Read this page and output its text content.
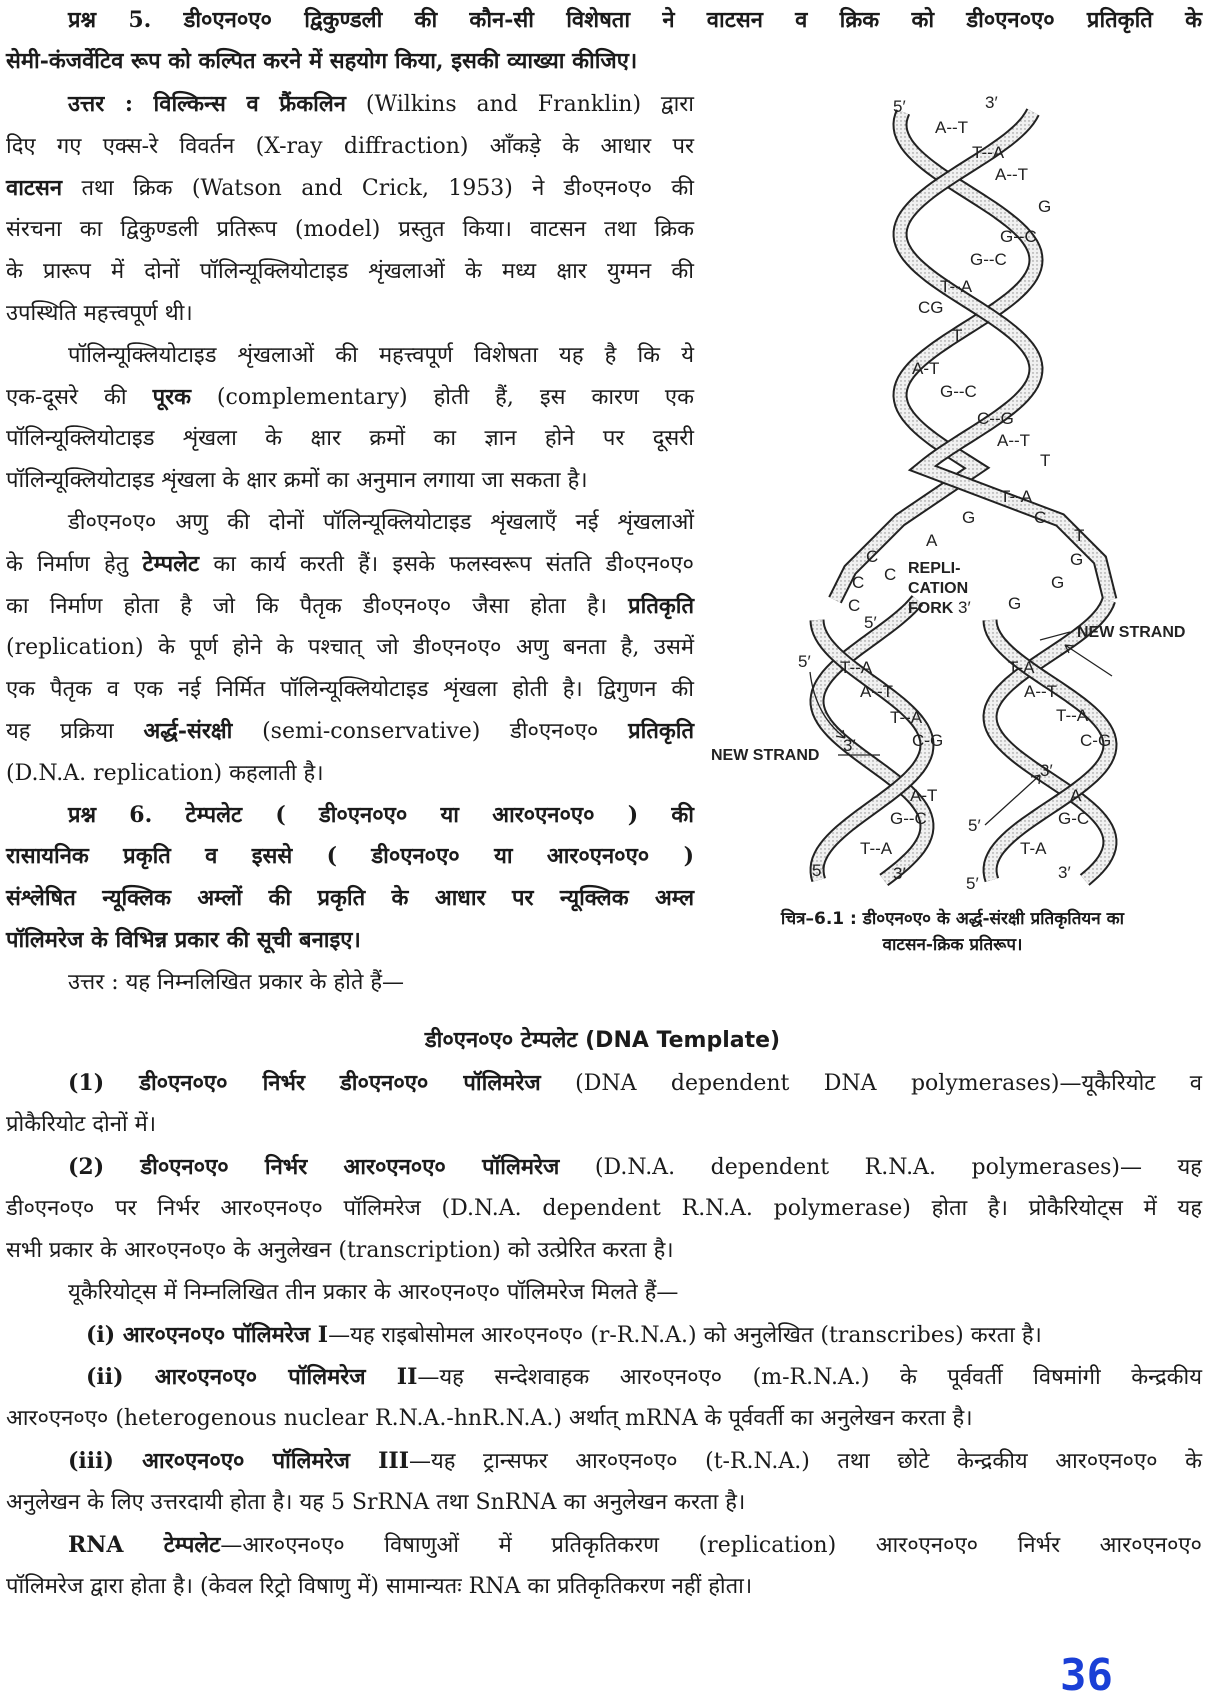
प्रश्न 5. डी०एन०ए० द्विकुण्डली की कौन-सी विशेषता ने वाटसन व क्रिक को डी०एन०ए० प्रतिकृति के
सेमी-कंजर्वेटिव रूप को कल्पित करने में सहयोग किया, इसकी व्याख्या कीजिए।
उत्तर : विल्किन्स व फ्रैंकलिन (Wilkins and Franklin) द्वारा
दिए गए एक्स-रे विवर्तन (X-ray diffraction) आँकड़े के आधार पर
वाटसन तथा क्रिक (Watson and Crick, 1953) ने डी०एन०ए० की
संरचना का द्विकुण्डली प्रतिरूप (model) प्रस्तुत किया। वाटसन तथा क्रिक
के प्रारूप में दोनों पॉलिन्यूक्लियोटाइड शृंखलाओं के मध्य क्षार युग्मन की
उपस्थिति महत्त्वपूर्ण थी।
पॉलिन्यूक्लियोटाइड शृंखलाओं की महत्त्वपूर्ण विशेषता यह है कि ये
एक-दूसरे की पूरक (complementary) होती हैं, इस कारण एक
पॉलिन्यूक्लियोटाइड शृंखला के क्षार क्रमों का ज्ञान होने पर दूसरी
पॉलिन्यूक्लियोटाइड शृंखला के क्षार क्रमों का अनुमान लगाया जा सकता है।
डी०एन०ए० अणु की दोनों पॉलिन्यूक्लियोटाइड शृंखलाएँ नई शृंखलाओं
के निर्माण हेतु टेम्पलेट का कार्य करती हैं। इसके फलस्वरूप संतति डी०एन०ए०
का निर्माण होता है जो कि पैतृक डी०एन०ए० जैसा होता है। प्रतिकृति
(replication) के पूर्ण होने के पश्चात् जो डी०एन०ए० अणु बनता है, उसमें
एक पैतृक व एक नई निर्मित पॉलिन्यूक्लियोटाइड शृंखला होती है। द्विगुणन की
यह प्रक्रिया अर्द्ध-संरक्षी (semi-conservative) डी०एन०ए० प्रतिकृति
(D.N.A. replication) कहलाती है।
प्रश्न 6. टेम्पलेट ( डी०एन०ए० या आर०एन०ए० ) की
रासायनिक प्रकृति व इससे ( डी०एन०ए० या आर०एन०ए० )
संश्लेषित न्यूक्लिक अम्लों की प्रकृति के आधार पर न्यूक्लिक अम्ल
पॉलिमरेज के विभिन्न प्रकार की सूची बनाइए।
उत्तर : यह निम्नलिखित प्रकार के होते हैं—
डी०एन०ए० टेम्पलेट (DNA Template)
(1) डी०एन०ए० निर्भर डी०एन०ए० पॉलिमरेज (DNA dependent DNA polymerases)—यूकैरियोट व
प्रोकैरियोट दोनों में।
(2) डी०एन०ए० निर्भर आर०एन०ए० पॉलिमरेज (D.N.A. dependent R.N.A. polymerases)— यह
डी०एन०ए० पर निर्भर आर०एन०ए० पॉलिमरेज (D.N.A. dependent R.N.A. polymerase) होता है। प्रोकैरियोट्स में यह
सभी प्रकार के आर०एन०ए० के अनुलेखन (transcription) को उत्प्रेरित करता है।
यूकैरियोट्स में निम्नलिखित तीन प्रकार के आर०एन०ए० पॉलिमरेज मिलते हैं—
(i) आर०एन०ए० पॉलिमरेज I—यह राइबोसोमल आर०एन०ए० (r-R.N.A.) को अनुलेखित (transcribes) करता है।
(ii) आर०एन०ए० पॉलिमरेज II—यह सन्देशवाहक आर०एन०ए० (m-R.N.A.) के पूर्ववर्ती विषमांगी केन्द्रकीय
आर०एन०ए० (heterogenous nuclear R.N.A.-hnR.N.A.) अर्थात् mRNA के पूर्ववर्ती का अनुलेखन करता है।
(iii) आर०एन०ए० पॉलिमरेज III—यह ट्रान्सफर आर०एन०ए० (t-R.N.A.) तथा छोटे केन्द्रकीय आर०एन०ए० के
अनुलेखन के लिए उत्तरदायी होता है। यह 5 SrRNA तथा SnRNA का अनुलेखन करता है।
RNA टेम्पलेट—आर०एन०ए० विषाणुओं में प्रतिकृतिकरण (replication) आर०एन०ए० निर्भर आर०एन०ए०
पॉलिमरेज द्वारा होता है। (केवल रिट्रो विषाणु में) सामान्यतः RNA का प्रतिकृतिकरण नहीं होता।
5′	3′
A--T
T--A
A--T
G
G--C
G--C
T--A
CG
T
A-T
G--C
C--G
A--T
T
T--A
G	C
A	T
C	G
C	G
C
C
G
5′
3′
5′ T--A	T-A
A--T	A--T
T--A	T--A
C-G	C-G
3′
3′
A-T	A
5′
G--C	G-C
T--A	T-A
5′	3′
5′
3′
REPLI-
CATION
FORK
NEW STRAND
NEW STRAND
चित्र–6.1 : डी०एन०ए० के अर्द्ध-संरक्षी प्रतिकृतियन का
वाटसन-क्रिक प्रतिरूप।
36
